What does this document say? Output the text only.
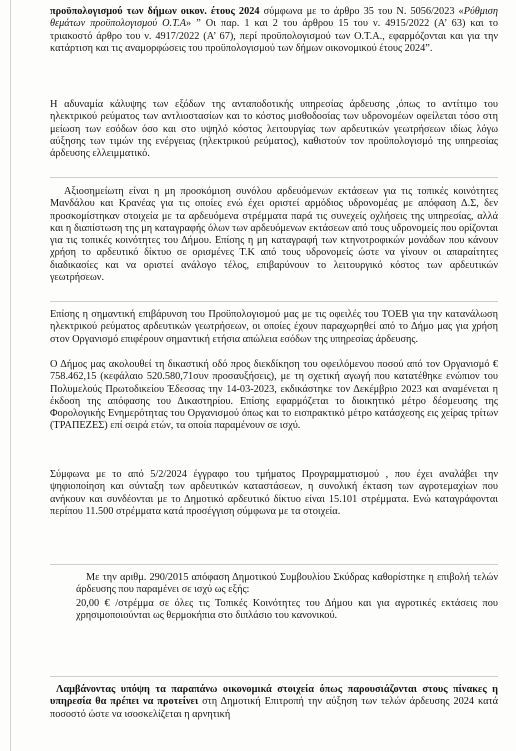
προϋπολογισμού των δήμων οικον. έτους 2024 σύμφωνα με το άρθρο 35 του Ν. 5056/2023 «Ρύθμιση θεμάτων προϋπολογισμού Ο.Τ.Α» ” Οι παρ. 1 και 2 του άρθρου 15 του ν. 4915/2022 (Α’ 63) και το τριακοστό άρθρο του ν. 4917/2022 (Α’ 67), περί προϋπολογισμού των Ο.Τ.Α., εφαρμόζονται και για την κατάρτιση και τις αναμορφώσεις του προϋπολογισμού των δήμων οικονομικού έτους 2024”.

Η αδυναμία κάλυψης των εξόδων της ανταποδοτικής υπηρεσίας άρδευσης ,όπως το αντίτιμο του ηλεκτρικού ρεύματος των αντλιοστασίων και το κόστος μισθοδοσίας των υδρονομέων οφείλεται τόσο στη μείωση των εσόδων όσο και στο υψηλό κόστος λειτουργίας των αρδευτικών γεωτρήσεων ιδίως λόγω αύξησης των τιμών της ενέργειας (ηλεκτρικού ρεύματος), καθιστούν τον προϋπολογισμό της υπηρεσίας άρδευσης ελλειμματικό.

Αξιοσημείωτη είναι η μη προσκόμιση συνόλου αρδευόμενων εκτάσεων για τις τοπικές κοινότητες Μανδάλου και Κρανέας για τις οποίες ενώ έχει οριστεί αρμόδιος υδρονομέας με απόφαση Δ.Σ, δεν προσκομίστηκαν στοιχεία με τα αρδευόμενα στρέμματα παρά τις συνεχείς οχλήσεις της υπηρεσίας, αλλά και η διαπίστωση της μη καταγραφής όλων των αρδευόμενων εκτάσεων από τους υδρονομείς που ορίζονται για τις τοπικές κοινότητες του Δήμου. Επίσης η μη καταγραφή των κτηνοτροφικών μονάδων που κάνουν χρήση το αρδευτικό δίκτυο σε ορισμένες Τ.Κ από τους υδρονομείς ώστε να γίνουν οι απαραίτητες διαδικασίες και να οριστεί ανάλογο τέλος, επιβαρύνουν το λειτουργικό κόστος των αρδευτικών γεωτρήσεων.

Επίσης η σημαντική επιβάρυνση του Προϋπολογισμού μας με τις οφειλές του ΤΟΕΒ για την κατανάλωση ηλεκτρικού ρεύματος αρδευτικών γεωτρήσεων, οι οποίες έχουν παραχωρηθεί από το Δήμο μας για χρήση στον Οργανισμό επιφέρουν σημαντική ετήσια απώλεια εσόδων της υπηρεσίας άρδευσης.

Ο Δήμος μας ακολουθεί τη δικαστική οδό προς διεκδίκηση του οφειλόμενου ποσού από τον Οργανισμό € 758.462,15 (κεφάλαιο 520.580,71συν προσαυξήσεις), με τη σχετική αγωγή που κατατέθηκε ενώπιον του Πολυμελούς Πρωτοδικείου Έδεσσας την 14-03-2023, εκδικάστηκε τον Δεκέμβριο 2023 και αναμένεται η έκδοση της απόφασης του Δικαστηρίου. Επίσης εφαρμόζεται το διοικητικό μέτρο δέσμευσης της Φορολογικής Ενημερότητας του Οργανισμού όπως και το εισπρακτικό μέτρο κατάσχεσης εις χείρας τρίτων (ΤΡΑΠΕΖΕΣ) επί σειρά ετών, τα οποία παραμένουν σε ισχύ.

Σύμφωνα με το από 5/2/2024 έγγραφο του τμήματος Προγραμματισμού , που έχει αναλάβει την ψηφιοποίηση και σύνταξη των αρδευτικών καταστάσεων, η συνολική έκταση των αγροτεμαχίων που ανήκουν και συνδέονται με το Δημοτικό αρδευτικό δίκτυο είναι 15.101 στρέμματα. Ενώ καταγράφονται περίπου 11.500 στρέμματα κατά προσέγγιση σύμφωνα με τα στοιχεία.

Με την αριθμ. 290/2015 απόφαση Δημοτικού Συμβουλίου Σκύδρας καθορίστηκε η επιβολή τελών άρδευσης που παραμένει σε ισχύ ως εξής:

20,00 € /στρέμμα σε όλες τις Τοπικές Κοινότητες του Δήμου και για αγροτικές εκτάσεις που χρησιμοποιούνται ως θερμοκήπια στο διπλάσιο του κανονικού.

Λαμβάνοντας υπόψη τα παραπάνω οικονομικά στοιχεία όπως παρουσιάζονται στους πίνακες η υπηρεσία θα πρέπει να προτείνει στη Δημοτική Επιτροπή την αύξηση των τελών άρδευσης 2024 κατά ποσοστό ώστε να ισοσκελίζεται η αρνητική
